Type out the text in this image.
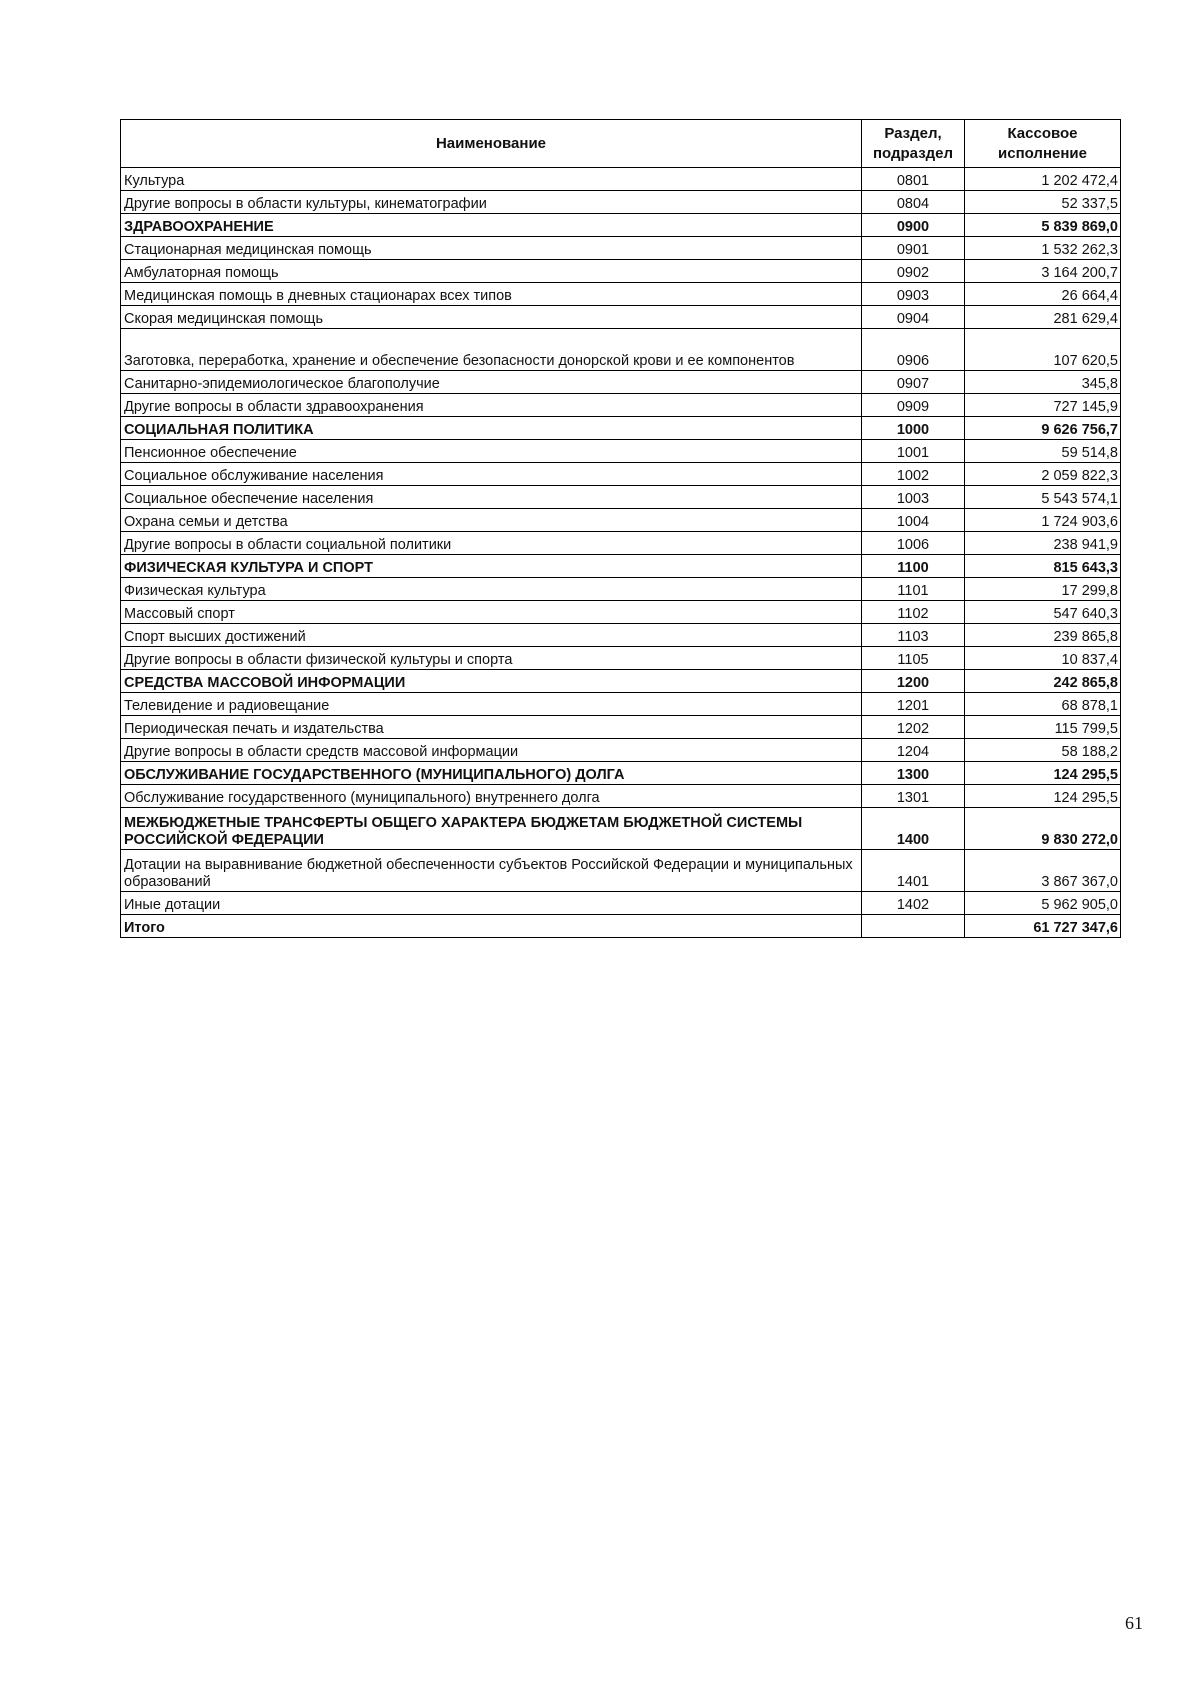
Наименование	Раздел, подраздел	Кассовое исполнение
Культура	0801	1 202 472,4
Другие вопросы в области культуры, кинематографии	0804	52 337,5
ЗДРАВООХРАНЕНИЕ	0900	5 839 869,0
Стационарная медицинская помощь	0901	1 532 262,3
Амбулаторная помощь	0902	3 164 200,7
Медицинская помощь в дневных стационарах всех типов	0903	26 664,4
Скорая медицинская помощь	0904	281 629,4
Заготовка, переработка, хранение и обеспечение безопасности донорской крови и ее компонентов	0906	107 620,5
Санитарно-эпидемиологическое благополучие	0907	345,8
Другие вопросы в области здравоохранения	0909	727 145,9
СОЦИАЛЬНАЯ ПОЛИТИКА	1000	9 626 756,7
Пенсионное обеспечение	1001	59 514,8
Социальное обслуживание населения	1002	2 059 822,3
Социальное обеспечение населения	1003	5 543 574,1
Охрана семьи и детства	1004	1 724 903,6
Другие вопросы в области социальной политики	1006	238 941,9
ФИЗИЧЕСКАЯ КУЛЬТУРА И СПОРТ	1100	815 643,3
Физическая культура	1101	17 299,8
Массовый спорт	1102	547 640,3
Спорт высших достижений	1103	239 865,8
Другие вопросы в области физической культуры и спорта	1105	10 837,4
СРЕДСТВА МАССОВОЙ ИНФОРМАЦИИ	1200	242 865,8
Телевидение и радиовещание	1201	68 878,1
Периодическая печать и издательства	1202	115 799,5
Другие вопросы в области средств массовой информации	1204	58 188,2
ОБСЛУЖИВАНИЕ ГОСУДАРСТВЕННОГО (МУНИЦИПАЛЬНОГО) ДОЛГА	1300	124 295,5
Обслуживание государственного (муниципального) внутреннего долга	1301	124 295,5
МЕЖБЮДЖЕТНЫЕ ТРАНСФЕРТЫ ОБЩЕГО ХАРАКТЕРА БЮДЖЕТАМ БЮДЖЕТНОЙ СИСТЕМЫ РОССИЙСКОЙ ФЕДЕРАЦИИ	1400	9 830 272,0
Дотации на выравнивание бюджетной обеспеченности субъектов Российской Федерации и муниципальных образований	1401	3 867 367,0
Иные дотации	1402	5 962 905,0
Итого		61 727 347,6
61
